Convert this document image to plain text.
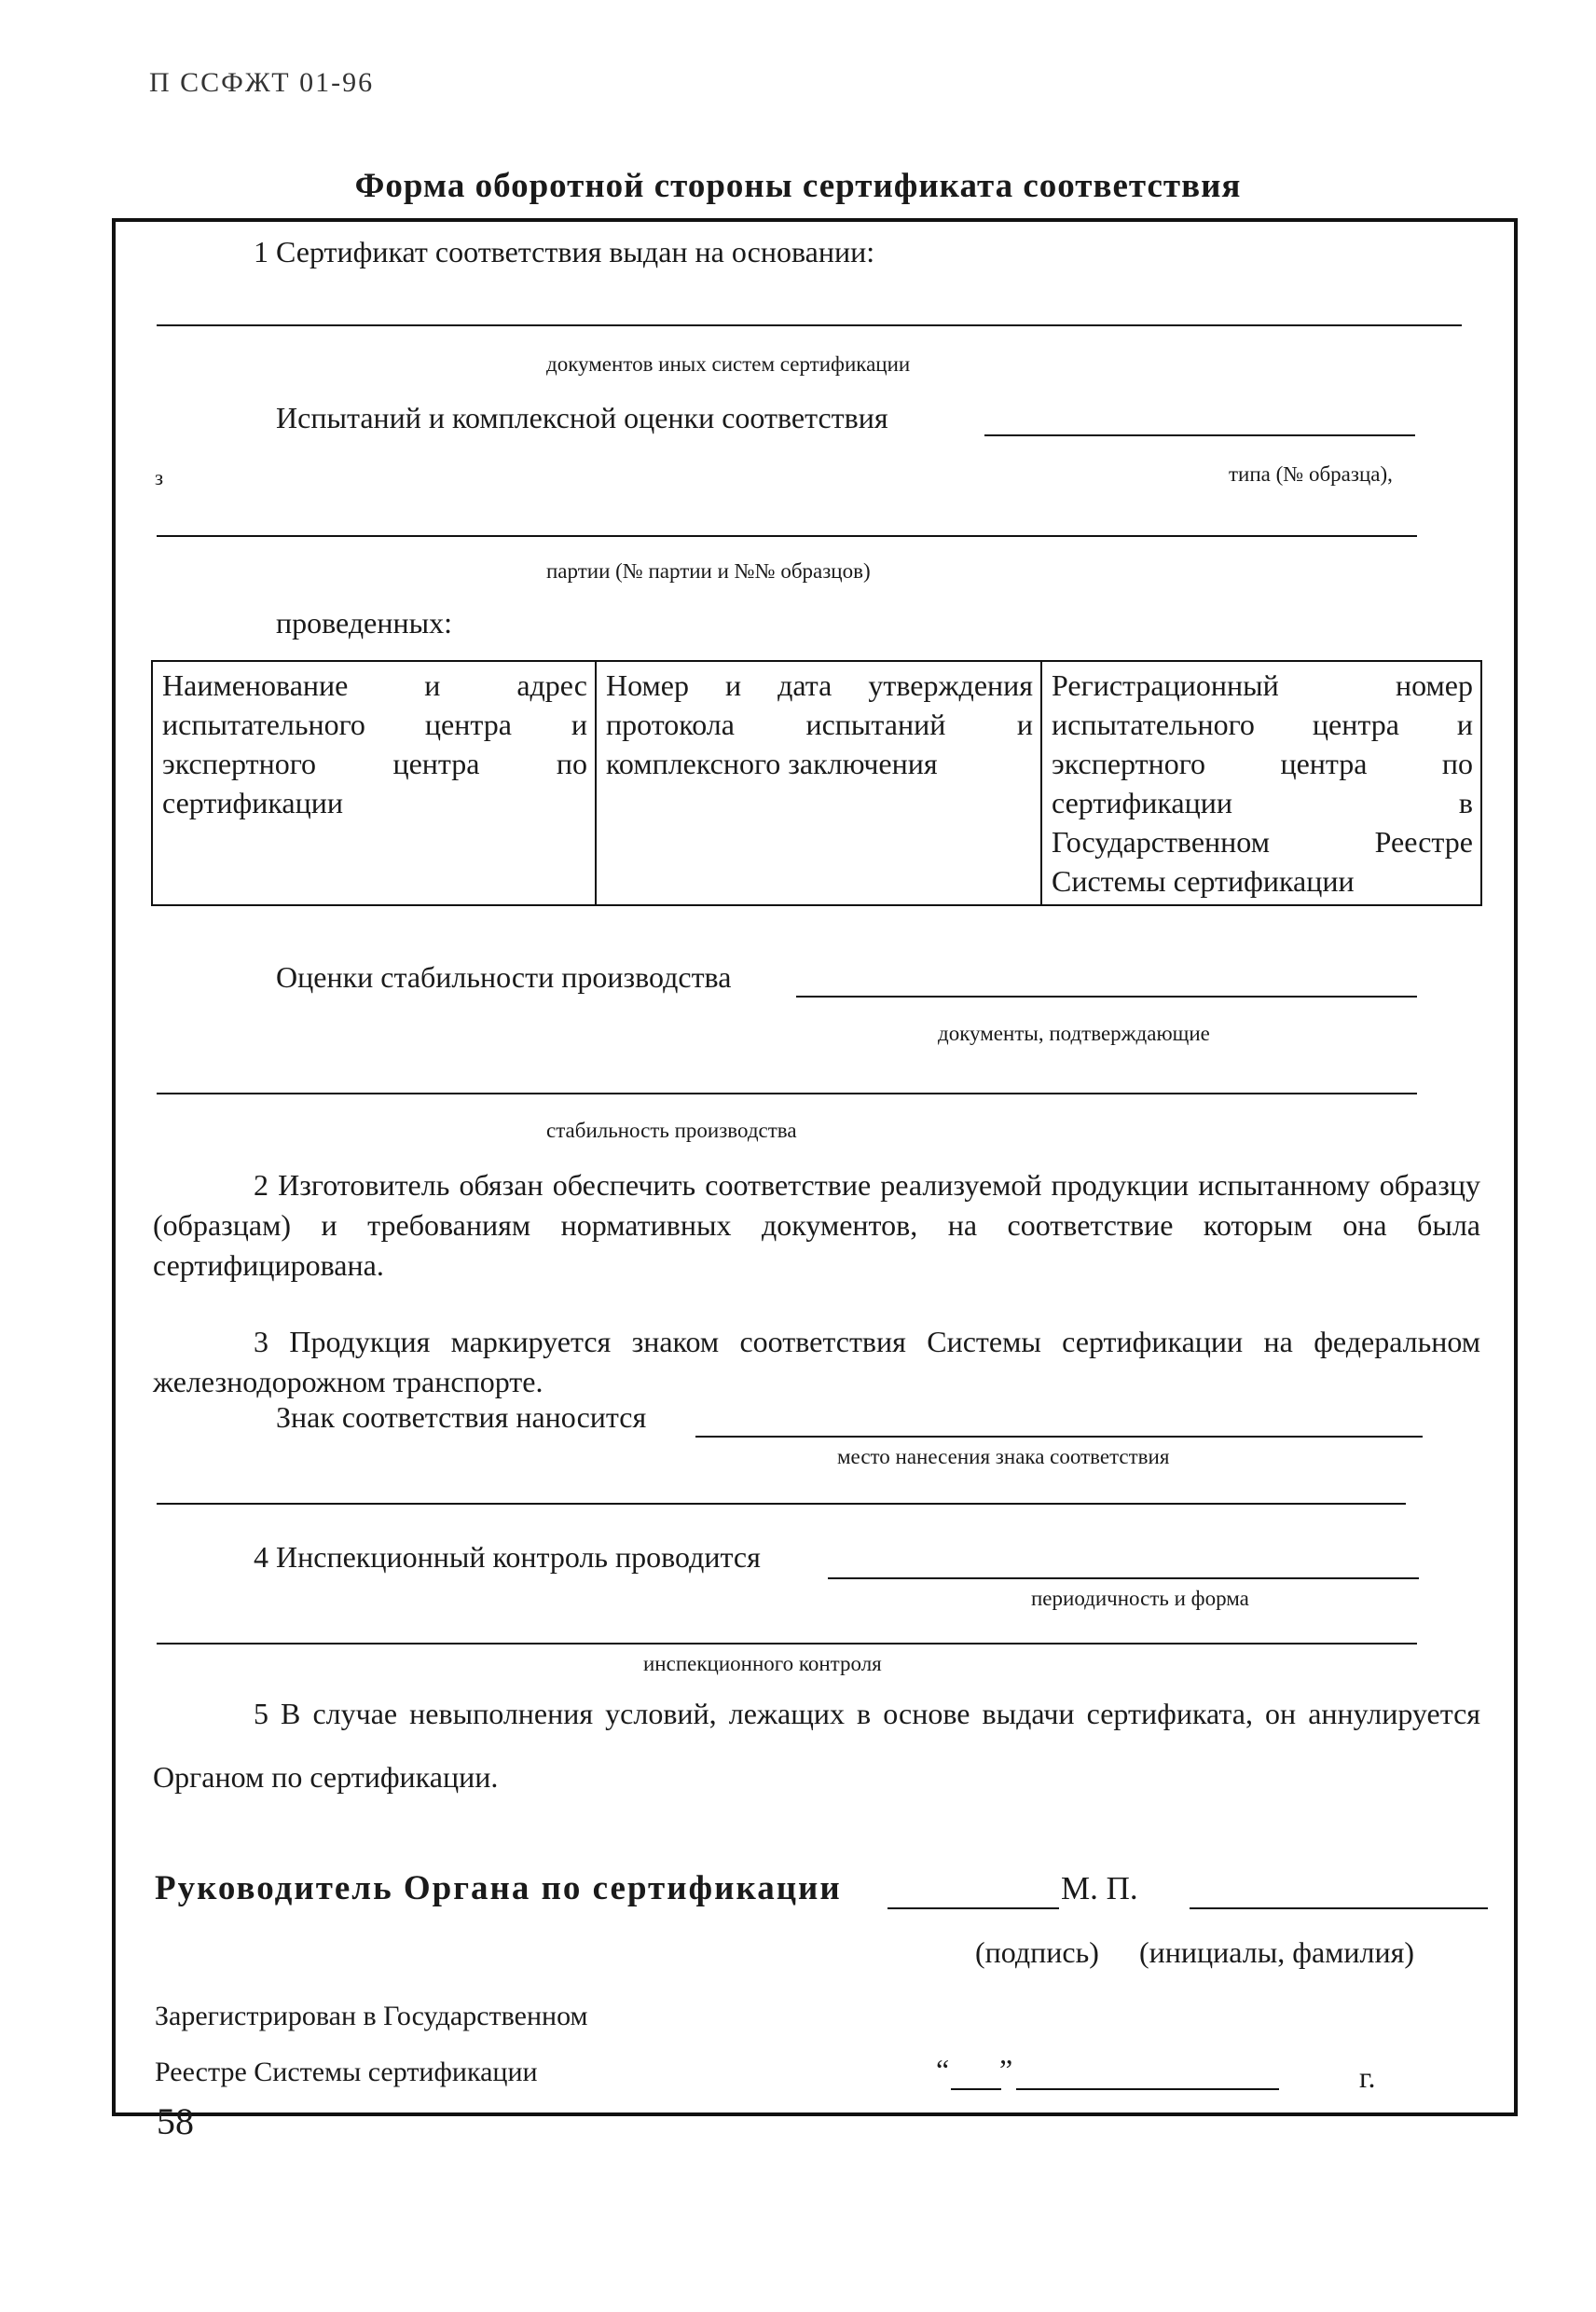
П ССФЖТ 01-96
Форма оборотной стороны сертификата соответствия
1 Сертификат соответствия выдан на основании:
документов иных систем сертификации
Испытаний и комплексной оценки соответствия
з	типа (№ образца),
партии (№ партии и №№ образцов)
проведенных:
Наименование и адрес испытательного центра и экспертного центра по сертификации	Номер и дата утверждения протокола испытаний и комплексного заключения	Регистрационный номер испытательного центра и экспертного центра по сертификации в Государственном Реестре Системы сертификации
Оценки стабильности производства
документы, подтверждающие
стабильность производства
2 Изготовитель обязан обеспечить соответствие реализуемой продукции испытанному образцу (образцам) и требованиям нормативных документов, на соответствие которым она была сертифицирована.
3 Продукция маркируется знаком соответствия Системы сертификации на федеральном железнодорожном транспорте.
Знак соответствия наносится
место нанесения знака соответствия
4 Инспекционный контроль проводится
периодичность и форма
инспекционного контроля
5 В случае невыполнения условий, лежащих в основе выдачи сертификата, он аннулируется Органом по сертификации.
Руководитель Органа по сертификации	М. П.
(подпись) (инициалы, фамилия)
Зарегистрирован в Государственном
Реестре Системы сертификации	“ ”	г.
58
